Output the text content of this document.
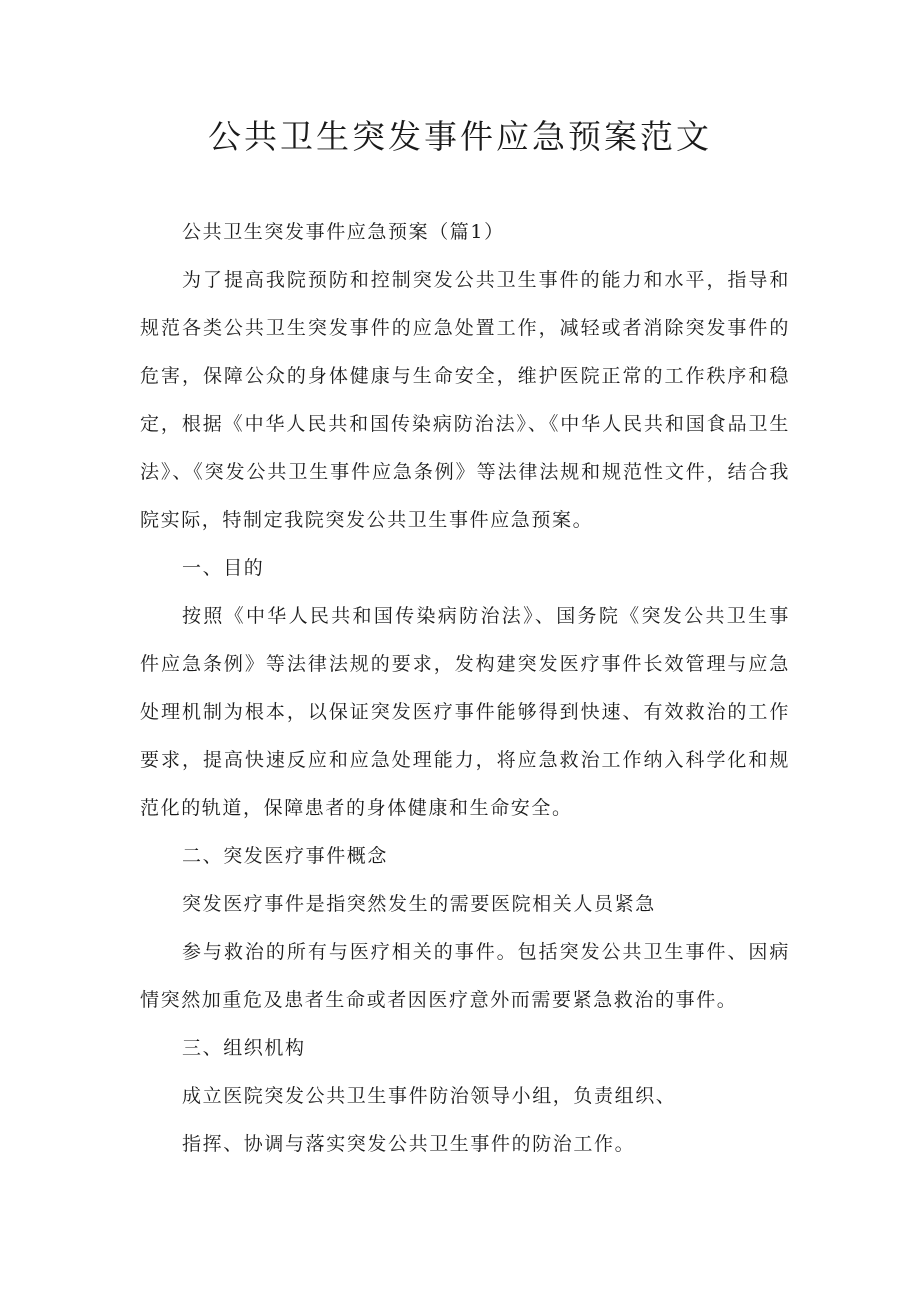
公共卫生突发事件应急预案范文

公共卫生突发事件应急预案（篇1）

为了提高我院预防和控制突发公共卫生事件的能力和水平，指导和规范各类公共卫生突发事件的应急处置工作，减轻或者消除突发事件的危害，保障公众的身体健康与生命安全，维护医院正常的工作秩序和稳定，根据《中华人民共和国传染病防治法》、《中华人民共和国食品卫生法》、《突发公共卫生事件应急条例》等法律法规和规范性文件，结合我院实际，特制定我院突发公共卫生事件应急预案。

一、目的

按照《中华人民共和国传染病防治法》、国务院《突发公共卫生事件应急条例》等法律法规的要求，发构建突发医疗事件长效管理与应急处理机制为根本，以保证突发医疗事件能够得到快速、有效救治的工作要求，提高快速反应和应急处理能力，将应急救治工作纳入科学化和规范化的轨道，保障患者的身体健康和生命安全。

二、突发医疗事件概念

突发医疗事件是指突然发生的需要医院相关人员紧急

参与救治的所有与医疗相关的事件。包括突发公共卫生事件、因病情突然加重危及患者生命或者因医疗意外而需要紧急救治的事件。

三、组织机构

成立医院突发公共卫生事件防治领导小组，负责组织、

指挥、协调与落实突发公共卫生事件的防治工作。
